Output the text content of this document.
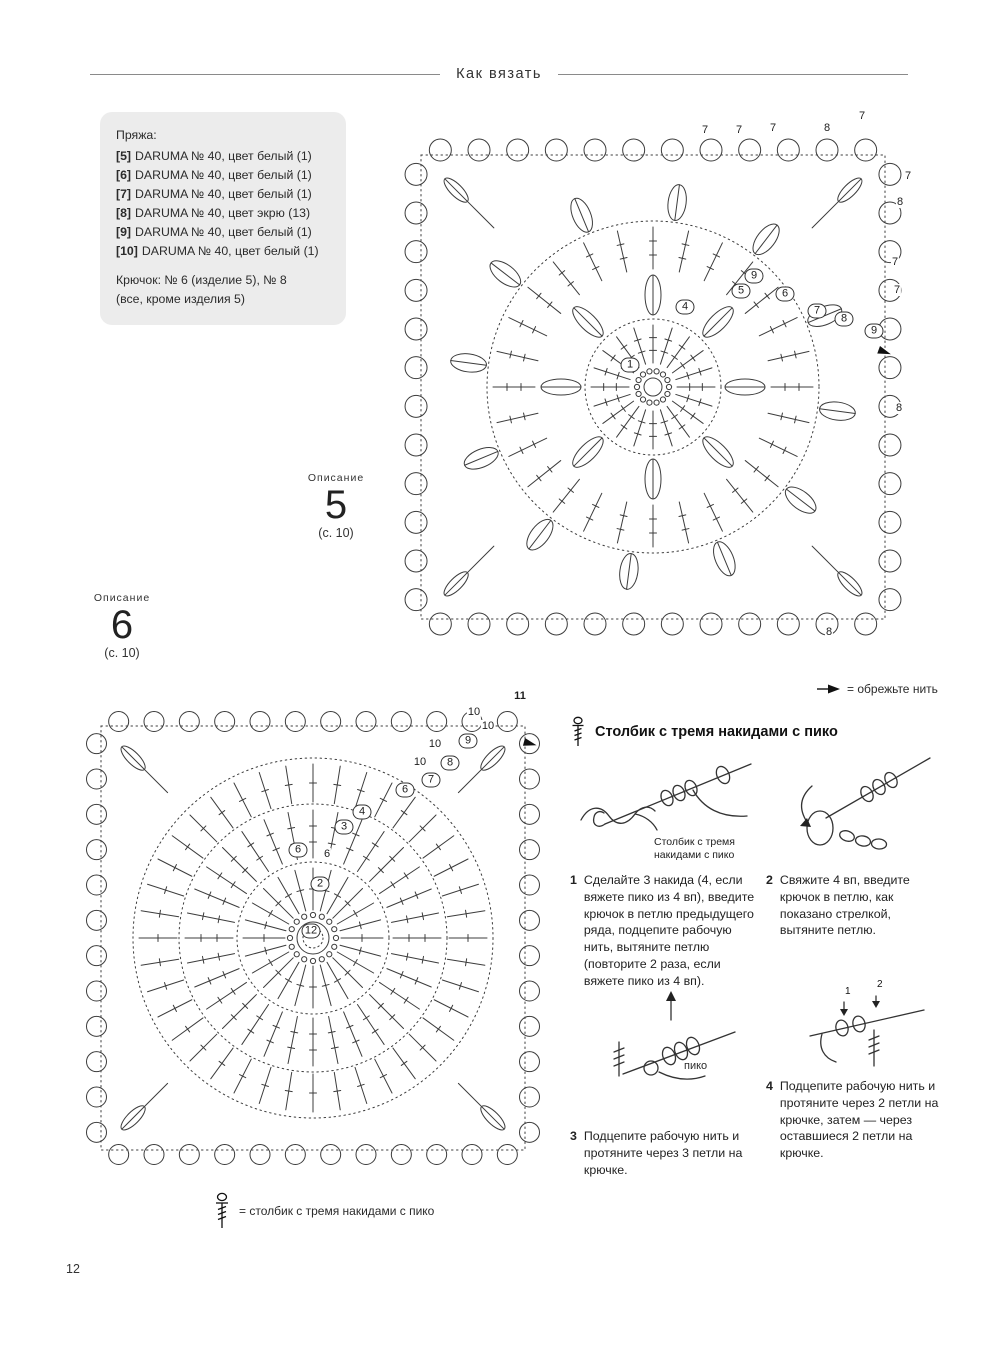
Как вязать
Пряжа:
[5] DARUMA № 40, цвет белый (1)
[6] DARUMA № 40, цвет белый (1)
[7] DARUMA № 40, цвет белый (1)
[8] DARUMA № 40, цвет экрю (13)
[9] DARUMA № 40, цвет белый (1)
[10] DARUMA № 40, цвет белый (1)
Крючок: № 6 (изделие 5), № 8 (все, кроме изделия 5)
Описание
5
(с. 10)
Описание
6
(с. 10)
1
7	7	7	8
7
7
8
7
7
9
5	6
4	7
8
9
8
8
12
11
10
10
10	9
10	8
7
6
4
3
6	6
2
= обрежьте нить
Столбик с тремя накидами с пико
Столбик с тремя накидами с пико
1 Сделайте 3 накида (4, если вяжете пико из 4 вп), введите крючок в петлю предыдущего ряда, подцепите рабочую нить, вытяните петлю (повторите 2 раза, если вяжете пико из 4 вп).
2 Свяжите 4 вп, введите крючок в петлю, как показано стрелкой, вытяните петлю.
пико
1
2
3 Подцепите рабочую нить и протяните через 3 петли на крючке.
4 Подцепите рабочую нить и протяните через 2 петли на крючке, затем — через оставшиеся 2 петли на крючке.
= столбик с тремя накидами с пико
12
